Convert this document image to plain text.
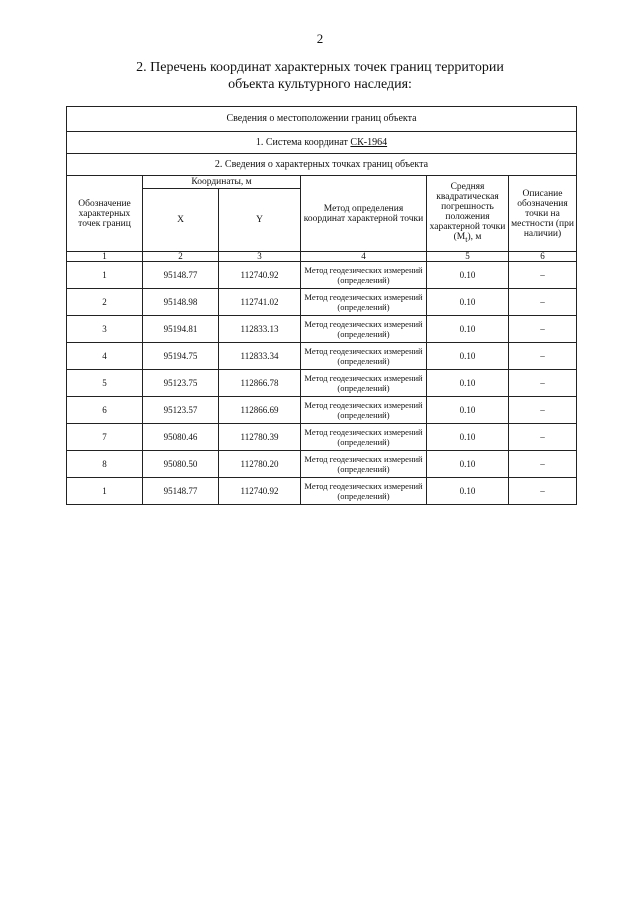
2
2. Перечень координат характерных точек границ территории
объекта культурного наследия:
Сведения о местоположении границ объекта					
1. Система координат СК-1964					
2. Сведения о характерных точках границ объекта					
Обозначение характерных точек границ	Координаты, м		Метод определения координат характерной точки	Средняя квадратическая погрешность положения характерной точки $(M_t)$, м	Описание обозначения точки на местности (при наличии)
	X	Y			
1	2	3	4	5	6
1	95148.77	112740.92	Метод геодезических измерений (определений)	0.10	–
2	95148.98	112741.02	Метод геодезических измерений (определений)	0.10	–
3	95194.81	112833.13	Метод геодезических измерений (определений)	0.10	–
4	95194.75	112833.34	Метод геодезических измерений (определений)	0.10	–
5	95123.75	112866.78	Метод геодезических измерений (определений)	0.10	–
6	95123.57	112866.69	Метод геодезических измерений (определений)	0.10	–
7	95080.46	112780.39	Метод геодезических измерений (определений)	0.10	–
8	95080.50	112780.20	Метод геодезических измерений (определений)	0.10	–
1	95148.77	112740.92	Метод геодезических измерений (определений)	0.10	–
